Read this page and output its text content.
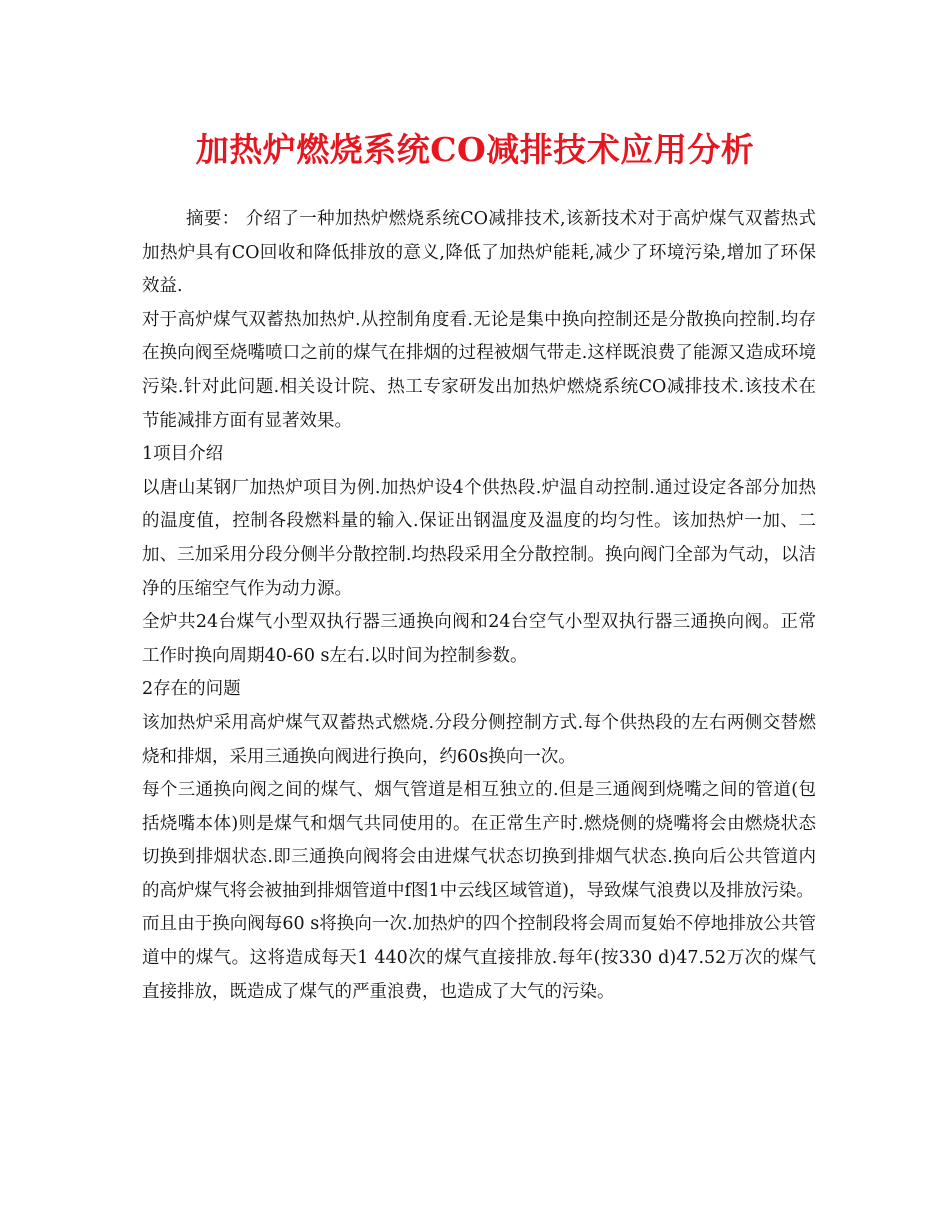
加热炉燃烧系统CO减排技术应用分析

摘要： 介绍了一种加热炉燃烧系统CO减排技术,该新技术对于高炉煤气双蓄热式加热炉具有CO回收和降低排放的意义,降低了加热炉能耗,减少了环境污染,增加了环保效益.

对于高炉煤气双蓄热加热炉.从控制角度看.无论是集中换向控制还是分散换向控制.均存在换向阀至烧嘴喷口之前的煤气在排烟的过程被烟气带走.这样既浪费了能源又造成环境污染.针对此问题.相关设计院、热工专家研发出加热炉燃烧系统CO减排技术.该技术在节能减排方面有显著效果。

1项目介绍

以唐山某钢厂加热炉项目为例.加热炉设4个供热段.炉温自动控制.通过设定各部分加热的温度值，控制各段燃料量的输入.保证出钢温度及温度的均匀性。该加热炉一加、二加、三加采用分段分侧半分散控制.均热段采用全分散控制。换向阀门全部为气动，以洁净的压缩空气作为动力源。

全炉共24台煤气小型双执行器三通换向阀和24台空气小型双执行器三通换向阀。正常工作时换向周期40-60 s左右.以时间为控制参数。

2存在的问题

该加热炉采用高炉煤气双蓄热式燃烧.分段分侧控制方式.每个供热段的左右两侧交替燃烧和排烟，采用三通换向阀进行换向，约60s换向一次。

每个三通换向阀之间的煤气、烟气管道是相互独立的.但是三通阀到烧嘴之间的管道(包括烧嘴本体)则是煤气和烟气共同使用的。在正常生产时.燃烧侧的烧嘴将会由燃烧状态切换到排烟状态.即三通换向阀将会由进煤气状态切换到排烟气状态.换向后公共管道内的高炉煤气将会被抽到排烟管道中f图1中云线区域管道)，导致煤气浪费以及排放污染。

而且由于换向阀每60 s将换向一次.加热炉的四个控制段将会周而复始不停地排放公共管道中的煤气。这将造成每天1 440次的煤气直接排放.每年(按330 d)47.52万次的煤气直接排放，既造成了煤气的严重浪费，也造成了大气的污染。
